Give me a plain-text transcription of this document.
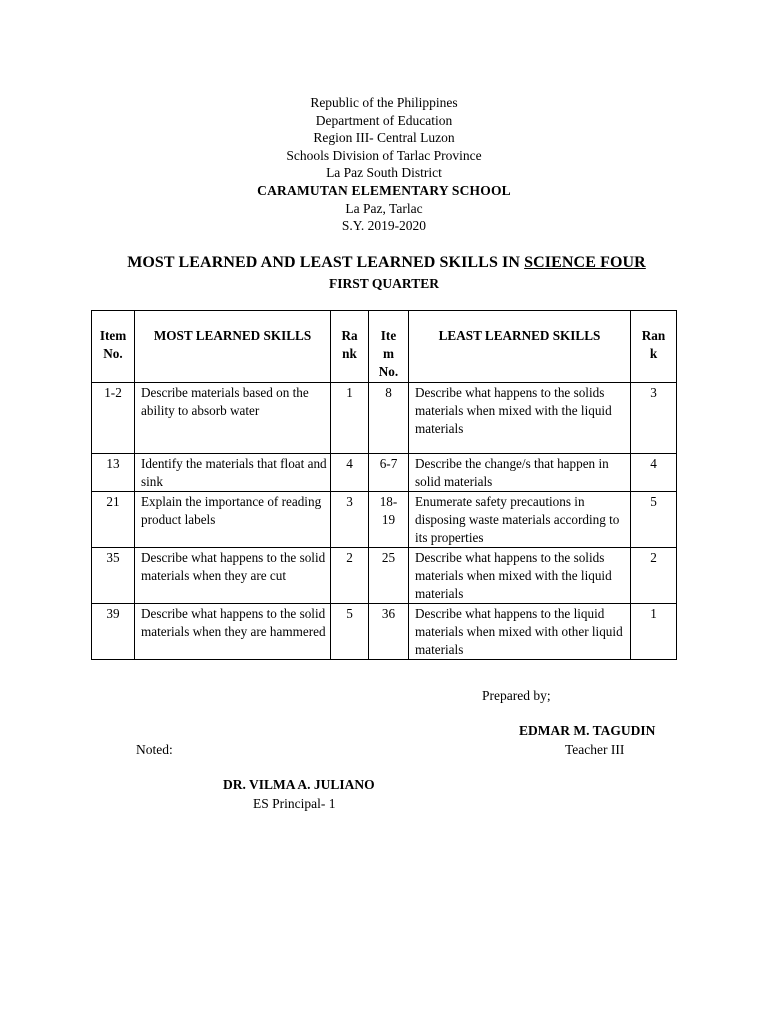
Republic of the Philippines
Department of Education
Region III- Central Luzon
Schools Division of Tarlac Province
La Paz South District
CARAMUTAN ELEMENTARY SCHOOL
La Paz, Tarlac
S.Y. 2019-2020
MOST LEARNED AND LEAST LEARNED SKILLS IN SCIENCE FOUR
FIRST QUARTER
Item No.	MOST LEARNED SKILLS	Ra nk	Ite m No.	LEAST LEARNED SKILLS	Ran k
1-2	Describe materials based on the ability to absorb water	1	8	Describe what happens to the solids materials when mixed with the liquid materials	3
13	Identify the materials that float and sink	4	6-7	Describe the change/s that happen in solid materials	4
21	Explain the importance of reading product labels	3	18-19	Enumerate safety precautions in disposing waste materials according to its properties	5
35	Describe what happens to the solid materials when they are cut	2	25	Describe what happens to the solids materials when mixed with the liquid materials	2
39	Describe what happens to the solid materials when they are hammered	5	36	Describe what happens to the liquid materials when mixed with other liquid materials	1
Prepared by;
EDMAR M. TAGUDIN
Teacher III
Noted:
DR. VILMA A. JULIANO
ES Principal- 1
